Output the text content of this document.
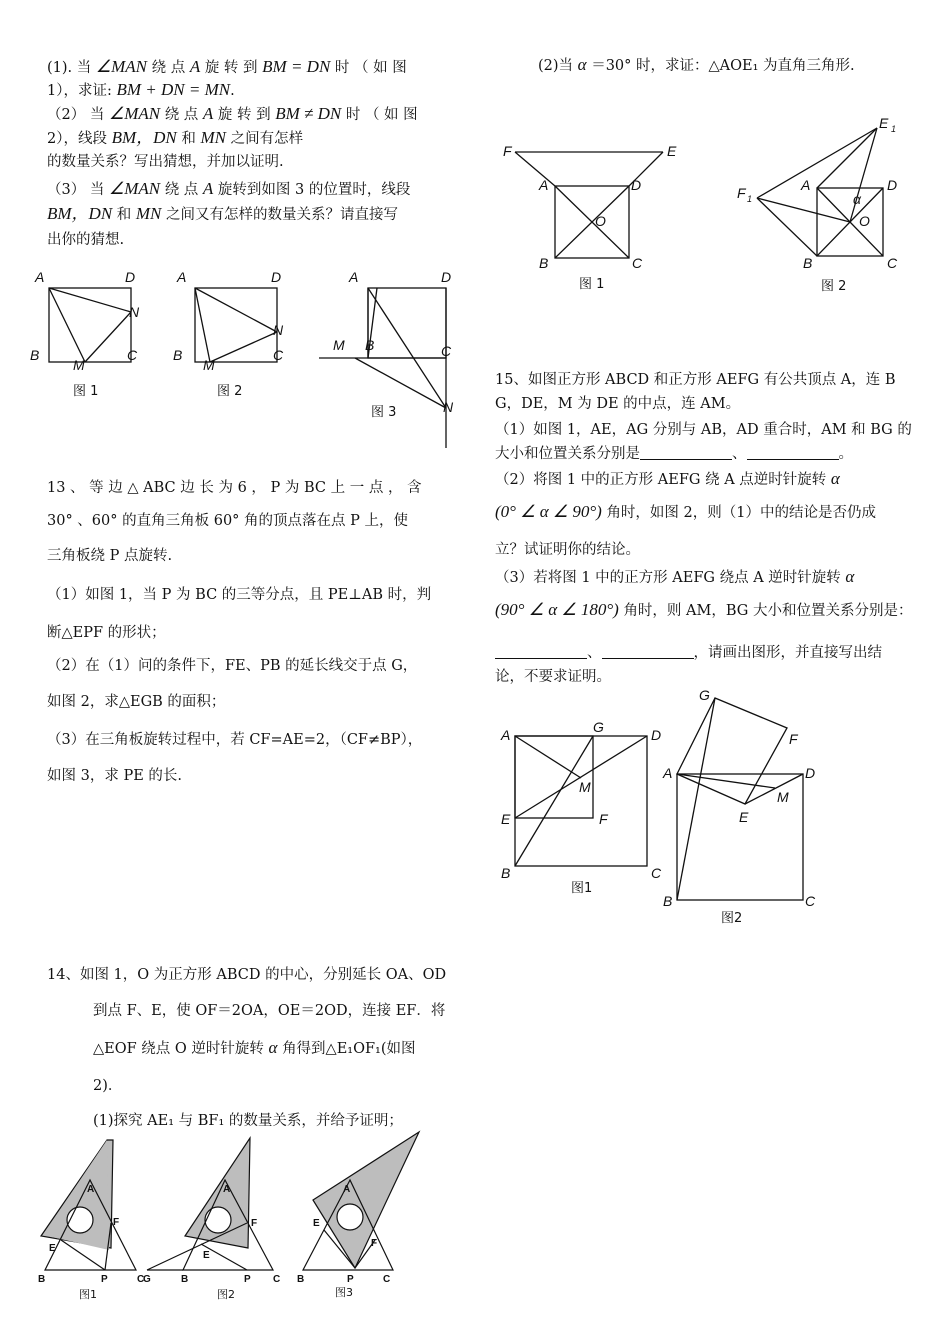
(1). 当 ∠MAN 绕 点 A 旋 转 到 BM = DN 时 （ 如 图
1），求证: BM + DN = MN.
（2） 当 ∠MAN 绕 点 A 旋 转 到 BM ≠ DN 时 （ 如 图
2），线段 BM，DN 和 MN 之间有怎样
的数量关系？写出猜想，并加以证明.
（3） 当 ∠MAN 绕 点 A 旋转到如图 3 的位置时，线段
BM，DN 和 MN 之间又有怎样的数量关系？请直接写
出你的猜想.
A	D
B	C
N
M
图 1
A	D
B	C
N
M
图 2
A	D
M B	C
N
图 3
13 、 等 边 △ ABC 边 长 为 6 ， P 为 BC 上 一 点 ， 含
30° 、60° 的直角三角板 60° 角的顶点落在点 P 上，使
三角板绕 P 点旋转.
（1）如图 1，当 P 为 BC 的三等分点，且 PE⊥AB 时，判
断△EPF 的形状；
（2）在（1）问的条件下，FE、PB 的延长线交于点 G，
如图 2，求△EGB 的面积；
（3）在三角板旋转过程中，若 CF=AE=2，（CF≠BP），
如图 3，求 PE 的长.
14、如图 1，O 为正方形 ABCD 的中心，分别延长 OA、OD
到点 F、E，使 OF＝2OA，OE＝2OD，连接 EF．将
△EOF 绕点 O 逆时针旋转 α 角得到△E₁OF₁(如图
2)．
(1)探究 AE₁ 与 BF₁ 的数量关系，并给予证明；
A
F
E
B	P	C
图1
A
F
E
G	B	P C
图2
A
E
F
B	P	C
图3
(2)当 α ＝30° 时，求证：△AOE₁ 为直角三角形.
F	E
A	D
O
B	C
图 1
E 1
F 1
A	D
α
O
B	C
图 2
15、如图正方形 ABCD 和正方形 AEFG 有公共顶点 A，连 B
G，DE，M 为 DE 的中点，连 AM。
（1）如图 1，AE，AG 分别与 AB，AD 重合时，AM 和 BG 的
大小和位置关系分别是	、	。
（2）将图 1 中的正方形 AEFG 绕 A 点逆时针旋转 α
(0° ∠ α ∠ 90°) 角时，如图 2，则（1）中的结论是否仍成
立？试证明你的结论。
（3）若将图 1 中的正方形 AEFG 绕点 A 逆时针旋转 α
(90° ∠ α ∠ 180°) 角时，则 AM，BG 大小和位置关系分别是：
、	，请画出图形，并直接写出结
论，不要求证明。
A	G	D
M
E	F
B	C
图1
G
F
A	D
M
E
B	C
图2
